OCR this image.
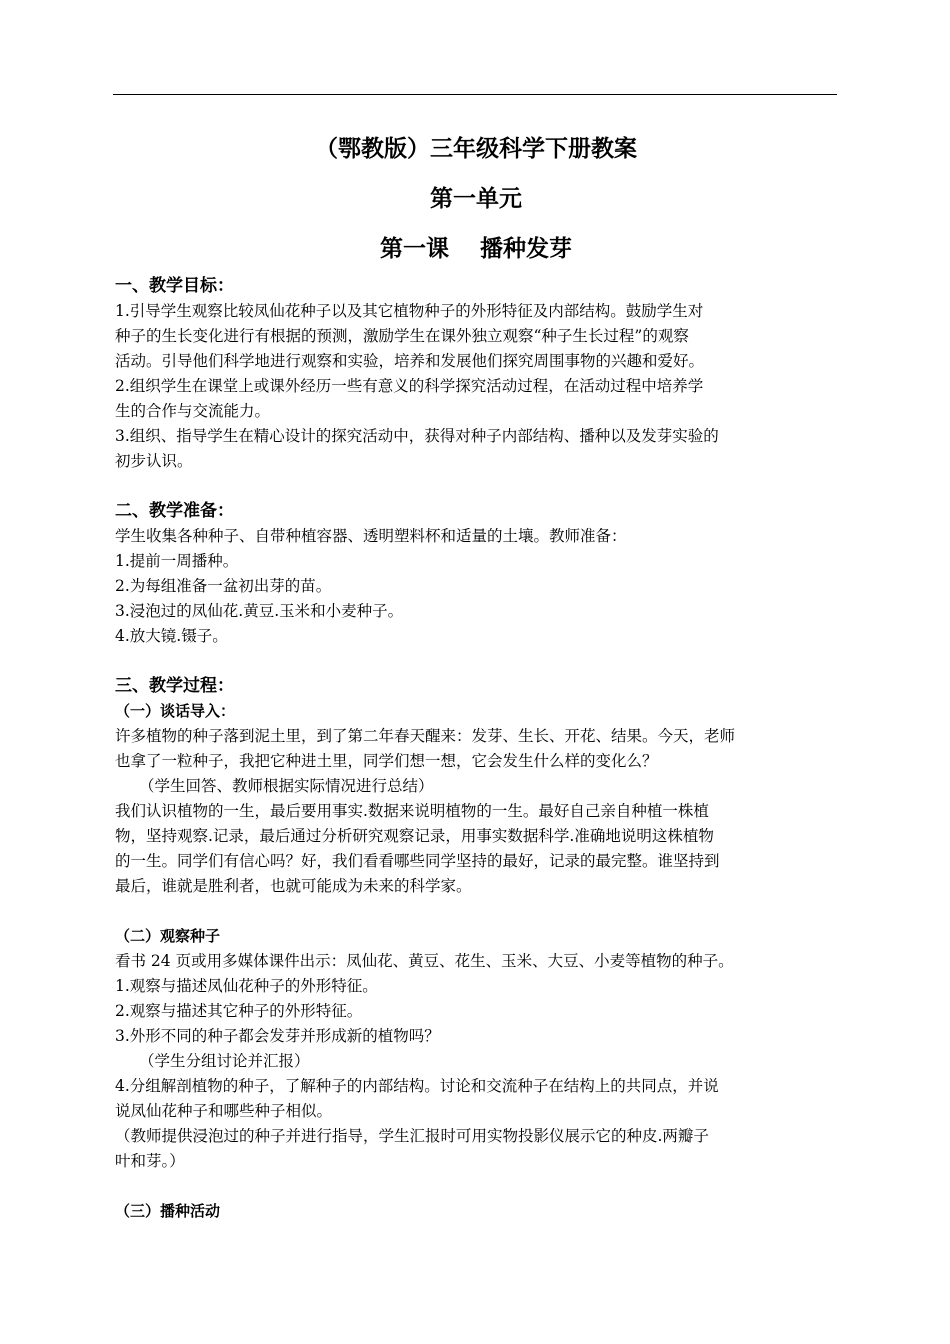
（鄂教版）三年级科学下册教案

第一单元

第一课　 播种发芽

一、教学目标：

1.引导学生观察比较凤仙花种子以及其它植物种子的外形特征及内部结构。鼓励学生对

种子的生长变化进行有根据的预测，激励学生在课外独立观察“种子生长过程”的观察

活动。引导他们科学地进行观察和实验，培养和发展他们探究周围事物的兴趣和爱好。

2.组织学生在课堂上或课外经历一些有意义的科学探究活动过程，在活动过程中培养学

生的合作与交流能力。

3.组织、指导学生在精心设计的探究活动中，获得对种子内部结构、播种以及发芽实验的

初步认识。

二、教学准备：

学生收集各种种子、自带种植容器、透明塑料杯和适量的土壤。教师准备：

1.提前一周播种。

2.为每组准备一盆初出芽的苗。

3.浸泡过的凤仙花.黄豆.玉米和小麦种子。

4.放大镜.镊子。

三、教学过程：

（一）谈话导入：

许多植物的种子落到泥土里，到了第二年春天醒来：发芽、生长、开花、结果。今天，老师

也拿了一粒种子，我把它种进土里，同学们想一想，它会发生什么样的变化么？

（学生回答、教师根据实际情况进行总结）

我们认识植物的一生，最后要用事实.数据来说明植物的一生。最好自己亲自种植一株植

物，坚持观察.记录，最后通过分析研究观察记录，用事实数据科学.准确地说明这株植物

的一生。同学们有信心吗？好，我们看看哪些同学坚持的最好，记录的最完整。谁坚持到

最后，谁就是胜利者，也就可能成为未来的科学家。

（二）观察种子

看书 24 页或用多媒体课件出示：凤仙花、黄豆、花生、玉米、大豆、小麦等植物的种子。

1.观察与描述凤仙花种子的外形特征。

2.观察与描述其它种子的外形特征。

3.外形不同的种子都会发芽并形成新的植物吗？

（学生分组讨论并汇报）

4.分组解剖植物的种子，了解种子的内部结构。讨论和交流种子在结构上的共同点，并说

说凤仙花种子和哪些种子相似。

（教师提供浸泡过的种子并进行指导，学生汇报时可用实物投影仪展示它的种皮.两瓣子

叶和芽。）

（三）播种活动
